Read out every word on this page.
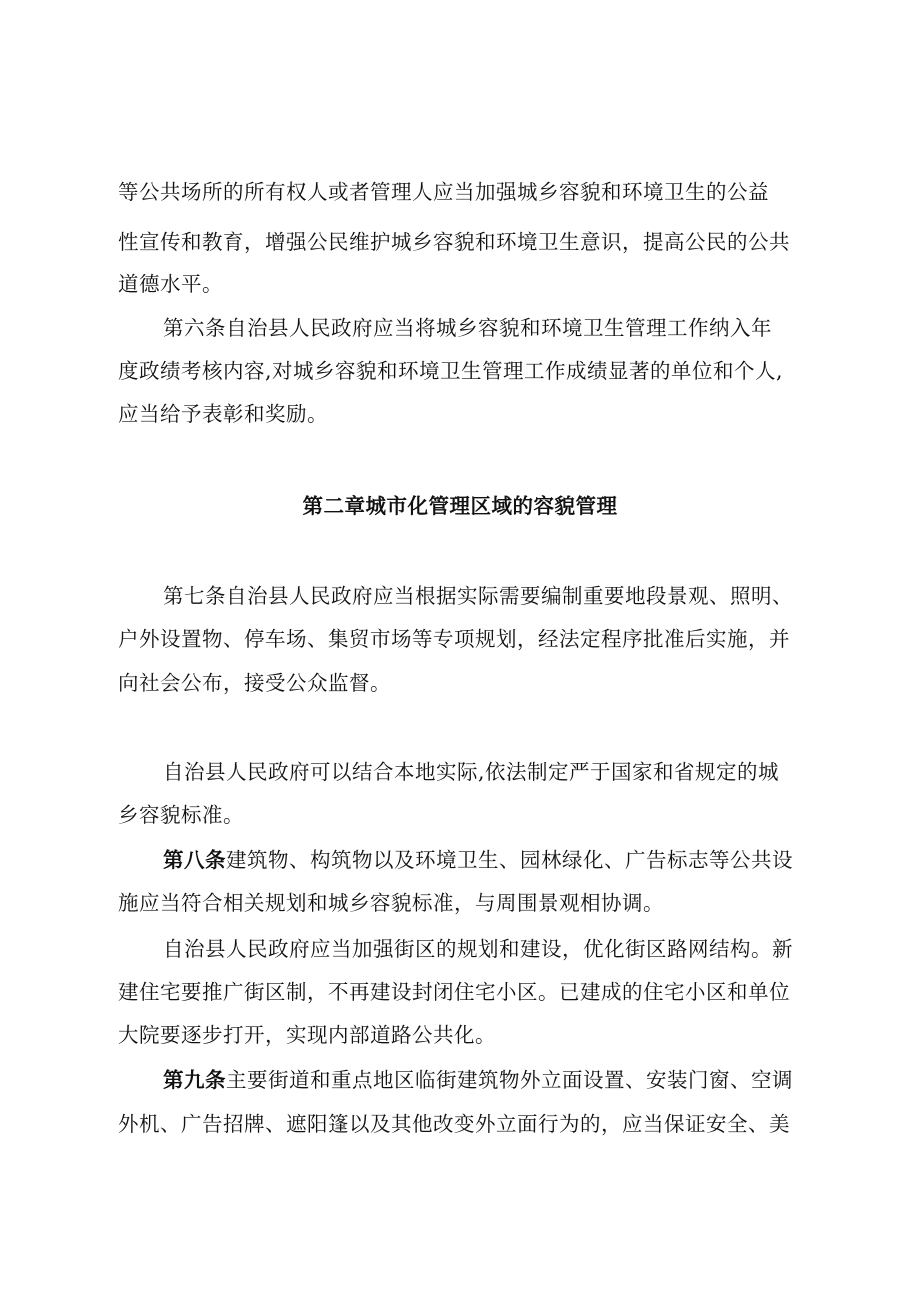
等公共场所的所有权人或者管理人应当加强城乡容貌和环境卫生的公益
性宣传和教育，增强公民维护城乡容貌和环境卫生意识，提高公民的公共
道德水平。
第六条自治县人民政府应当将城乡容貌和环境卫生管理工作纳入年
度政绩考核内容,对城乡容貌和环境卫生管理工作成绩显著的单位和个人,
应当给予表彰和奖励。
第二章城市化管理区域的容貌管理
第七条自治县人民政府应当根据实际需要编制重要地段景观、照明、
户外设置物、停车场、集贸市场等专项规划，经法定程序批准后实施，并
向社会公布，接受公众监督。
自治县人民政府可以结合本地实际,依法制定严于国家和省规定的城
乡容貌标准。
第八条建筑物、构筑物以及环境卫生、园林绿化、广告标志等公共设
施应当符合相关规划和城乡容貌标准，与周围景观相协调。
自治县人民政府应当加强街区的规划和建设，优化街区路网结构。新
建住宅要推广街区制，不再建设封闭住宅小区。已建成的住宅小区和单位
大院要逐步打开，实现内部道路公共化。
第九条主要街道和重点地区临街建筑物外立面设置、安装门窗、空调
外机、广告招牌、遮阳篷以及其他改变外立面行为的，应当保证安全、美
